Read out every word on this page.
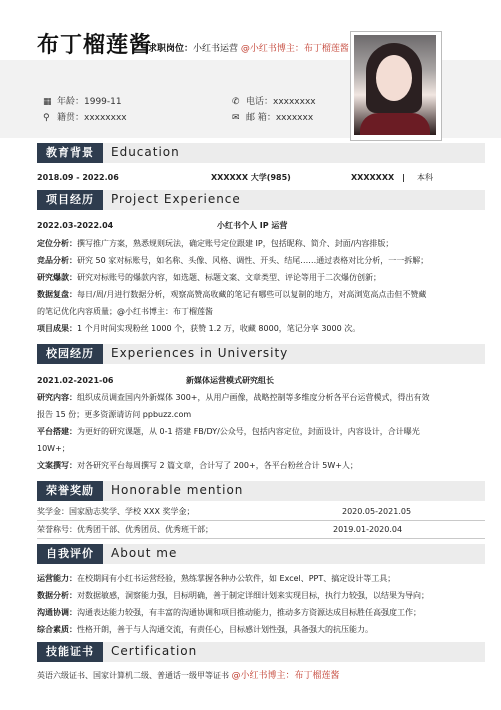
布丁榴莲酱
求职岗位：小红书运营 @小红书博主：布丁榴莲酱
▦ 年龄：1999-11
⚲ 籍贯：xxxxxxxx
✆ 电话：xxxxxxxx
✉ 邮 箱：xxxxxxx
教育背景	Education
2018.09 - 2022.06	XXXXXX 大学(985)	XXXXXXX | 本科
项目经历	Project Experience
2022.03-2022.04	小红书个人 IP 运营
定位分析：撰写推广方案，熟悉规则玩法，确定账号定位跟建 IP，包括昵称、简介、封面/内容排版；
竞品分析：研究 50 家对标账号，如名称、头像、风格、调性、开头、结尾……通过表格对比分析，一一拆解；
研究爆款：研究对标账号的爆款内容，如选题、标题文案、文章类型、评论等用于二次爆仿创新；
数据复盘：每日/周/月进行数据分析，观察高赞高收藏的笔记有哪些可以复制的地方，对高浏览高点击但不赞藏
的笔记优化内容质量；@小红书博主：布丁榴莲酱
项目成果：1 个月时间实现粉丝 1000 个，获赞 1.2 万，收藏 8000，笔记分享 3000 次。
校园经历	Experiences in University
2021.02-2021-06	新媒体运营模式研究组长
研究内容：组织成员调查国内外新媒体 300+，从用户画像，战略控制等多维度分析各平台运营模式，得出有效
报告 15 份；更多资源请访问 ppbuzz.com
平台搭建：为更好的研究课题，从 0-1 搭建 FB/DY/公众号，包括内容定位，封面设计，内容设计，合计曝光
10W+；
文案撰写：对各研究平台每周撰写 2 篇文章，合计写了 200+，各平台粉丝合计 5W+人；
荣誉奖励	Honorable mention
奖学金：国家励志奖学、学校 XXX 奖学金；	2020.05-2021.05
荣誉称号：优秀团干部、优秀团员、优秀班干部；	2019.01-2020.04
自我评价	About me
运营能力：在校期间有小红书运营经验，熟练掌握各种办公软件，如 Excel、PPT、搞定设计等工具；
数据分析：对数据敏感，洞察能力强，目标明确，善于制定详细计划来实现目标，执行力较强，以结果为导向；
沟通协调：沟通表达能力较强，有丰富的沟通协调和项目推动能力，推动多方资源达成目标胜任高强度工作；
综合素质：性格开朗，善于与人沟通交流，有责任心，目标感计划性强，具备强大的抗压能力。
技能证书	Certification
英语六级证书、国家计算机二级、普通话一级甲等证书 @小红书博主：布丁榴莲酱
